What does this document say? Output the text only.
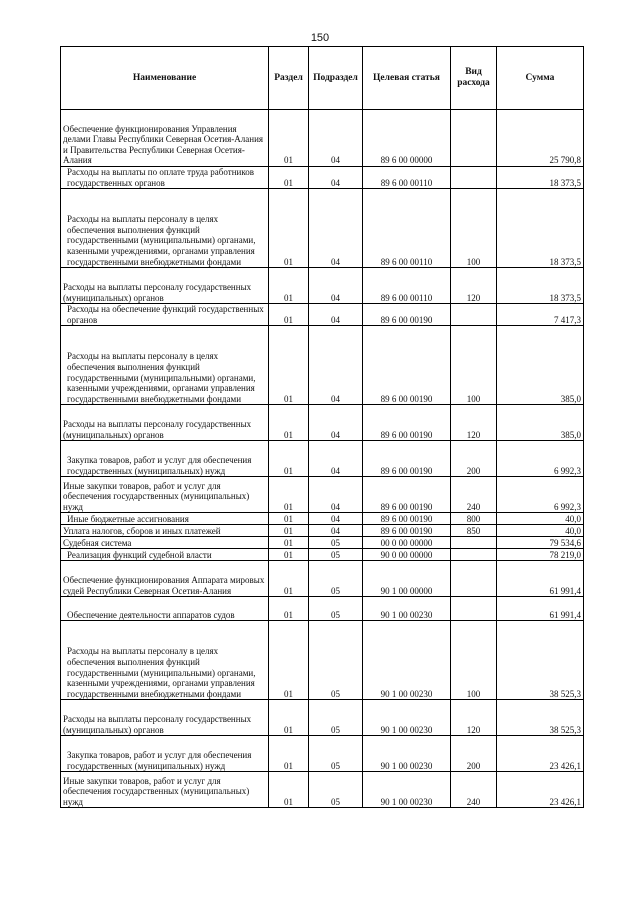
150
Наименование	Раздел	Подраздел	Целевая статья	Вид расхода	Сумма
Обеспечение функционирования Управления делами Главы Республики Северная Осетия-Алания и Правительства Республики Северная Осетия-Алания	01	04	89 6 00 00000		25 790,8
Расходы на выплаты по оплате труда работников государственных органов	01	04	89 6 00 00110		18 373,5
Расходы на выплаты персоналу в целях обеспечения выполнения функций государственными (муниципальными) органами, казенными учреждениями, органами управления государственными внебюджетными фондами	01	04	89 6 00 00110	100	18 373,5
Расходы на выплаты персоналу государственных (муниципальных) органов	01	04	89 6 00 00110	120	18 373,5
Расходы на обеспечение функций государственных органов	01	04	89 6 00 00190		7 417,3
Расходы на выплаты персоналу в целях обеспечения выполнения функций государственными (муниципальными) органами, казенными учреждениями, органами управления государственными внебюджетными фондами	01	04	89 6 00 00190	100	385,0
Расходы на выплаты персоналу государственных (муниципальных) органов	01	04	89 6 00 00190	120	385,0
Закупка товаров, работ и услуг для обеспечения государственных (муниципальных) нужд	01	04	89 6 00 00190	200	6 992,3
Иные закупки товаров, работ и услуг для обеспечения государственных (муниципальных) нужд	01	04	89 6 00 00190	240	6 992,3
Иные бюджетные ассигнования	01	04	89 6 00 00190	800	40,0
Уплата налогов, сборов и иных платежей	01	04	89 6 00 00190	850	40,0
Судебная система	01	05	00 0 00 00000		79 534,6
Реализация функций судебной власти	01	05	90 0 00 00000		78 219,0
Обеспечение функционирования Аппарата мировых судей Республики Северная Осетия-Алания	01	05	90 1 00 00000		61 991,4
Обеспечение деятельности аппаратов судов	01	05	90 1 00 00230		61 991,4
Расходы на выплаты персоналу в целях обеспечения выполнения функций государственными (муниципальными) органами, казенными учреждениями, органами управления государственными внебюджетными фондами	01	05	90 1 00 00230	100	38 525,3
Расходы на выплаты персоналу государственных (муниципальных) органов	01	05	90 1 00 00230	120	38 525,3
Закупка товаров, работ и услуг для обеспечения государственных (муниципальных) нужд	01	05	90 1 00 00230	200	23 426,1
Иные закупки товаров, работ и услуг для обеспечения государственных (муниципальных) нужд	01	05	90 1 00 00230	240	23 426,1
